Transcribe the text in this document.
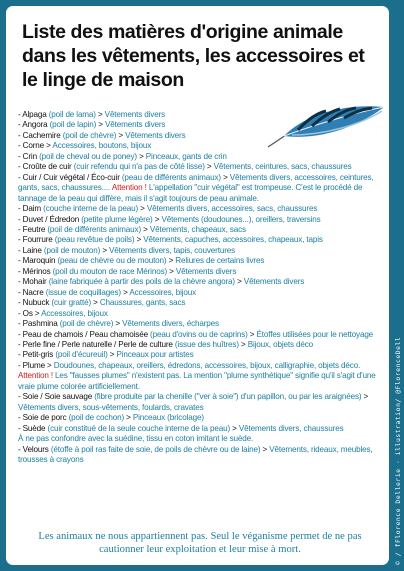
Liste des matières d'origine animale dans les vêtements, les accessoires et le linge de maison

- Alpaga (poil de lama) > Vêtements divers

- Angora (poil de lapin) > Vêtements divers

- Cachemire (poil de chèvre) > Vêtements divers

- Corne > Accessoires, boutons, bijoux

- Crin (poil de cheval ou de poney) > Pinceaux, gants de crin

- Croûte de cuir (cuir refendu qui n'a pas de côté lisse) > Vêtements, ceintures, sacs, chaussures

- Cuir / Cuir végétal / Éco-cuir (peau de différents animaux) > Vêtements divers, accessoires, ceintures, gants, sacs, chaussures.... Attention ! L'appellation "cuir végétal" est trompeuse. C'est le procédé de tannage de la peau qui diffère, mais il s'agit toujours de peau animale.

- Daim (couche interne de la peau) > Vêtements divers, accessoires, sacs, chaussures

- Duvet / Édredon (petite plume légère) > Vêtements (doudounes...), oreillers, traversins

- Feutre (poil de différents animaux) > Vêtements, chapeaux, sacs

- Fourrure (peau revêtue de poils) > Vêtements, capuches, accessoires, chapeaux, tapis

- Laine (poil de mouton) > Vêtements divers, tapis, couvertures

- Maroquin (peau de chèvre ou de mouton) > Reliures de certains livres

- Mérinos (poil du mouton de race Mérinos) > Vêtements divers

- Mohair (laine fabriquée à partir des poils de la chèvre angora) > Vêtements divers

- Nacre (issue de coquillages) > Accessoires, bijoux

- Nubuck (cuir gratté) > Chaussures, gants, sacs

- Os > Accessoires, bijoux

- Pashmina (poil de chèvre) > Vêtements divers, écharpes

- Peau de chamois / Peau chamoisée (peau d'ovins ou de caprins) > Étoffes utilisées pour le nettoyage

- Perle fine / Perle naturelle / Perle de culture (issue des huîtres) > Bijoux, objets déco

- Petit-gris (poil d'écureuil) > Pinceaux pour artistes

- Plume > Doudounes, chapeaux, oreillers, édredons, accessoires, bijoux, calligraphie, objets déco. Attention ! Les "fausses plumes" n'existent pas. La mention "plume synthétique" signifie qu'il s'agit d'une vraie plume colorée artificiellement.

- Soie / Soie sauvage (fibre produite par la chenille ("ver à soie") d'un papillon, ou par les araignées) > Vêtements divers, sous-vêtements, foulards, cravates

- Soie de porc (poil de cochon) > Pinceaux (bricolage)

- Suède (cuir constitué de la seule couche interne de la peau) > Vêtements divers, chaussures
À ne pas confondre avec la suédine, tissu en coton imitant le suède.

- Velours (étoffe à poil ras faite de soie, de poils de chèvre ou de laine) > Vêtements, rideaux, meubles, trousses à crayons

Les animaux ne nous appartiennent pas. Seul le véganisme permet de ne pas cautionner leur exploitation et leur mise à mort.	© / fFlorence Dellerie · illustration/ @FlorenceDell
